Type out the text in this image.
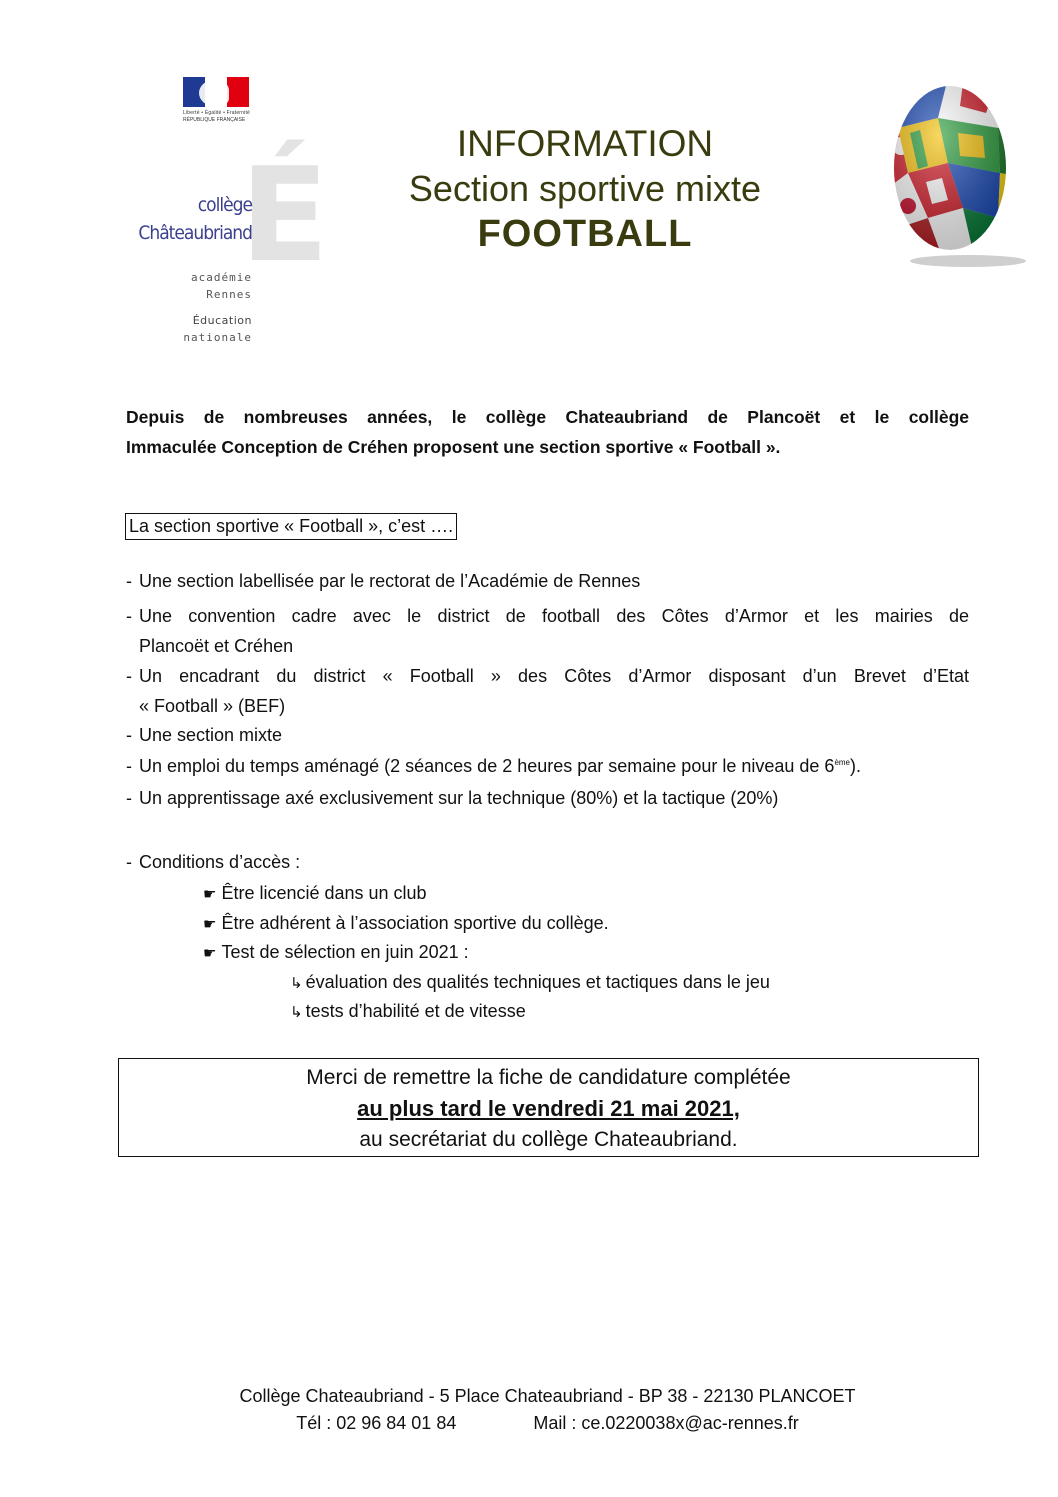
Liberté • Égalité • Fraternité
RÉPUBLIQUE FRANÇAISE
É
collège
Châteaubriand
académie
Rennes
Éducation
nationale
INFORMATION
Section sportive mixte
FOOTBALL
Depuis de nombreuses années, le collège Chateaubriand de Plancoët et le collège
Immaculée Conception de Créhen proposent une section sportive « Football ».
La section sportive « Football », c’est ….
- Une section labellisée par le rectorat de l’Académie de Rennes
- Une convention cadre avec le district de football des Côtes d’Armor et les mairies de
Plancoët et Créhen
- Un encadrant du district « Football » des Côtes d’Armor disposant d’un Brevet d’Etat
« Football » (BEF)
- Une section mixte
- Un emploi du temps aménagé (2 séances de 2 heures par semaine pour le niveau de 6ème).
- Un apprentissage axé exclusivement sur la technique (80%) et la tactique (20%)
- Conditions d’accès :
☛ Être licencié dans un club
☛ Être adhérent à l’association sportive du collège.
☛ Test de sélection en juin 2021 :
↳ évaluation des qualités techniques et tactiques dans le jeu
↳ tests d’habilité et de vitesse
Merci de remettre la fiche de candidature complétée
au plus tard le vendredi 21 mai 2021,
au secrétariat du collège Chateaubriand.
Collège Chateaubriand - 5 Place Chateaubriand - BP 38 - 22130 PLANCOET
Tél : 02 96 84 01 84	Mail : ce.0220038x@ac-rennes.fr
